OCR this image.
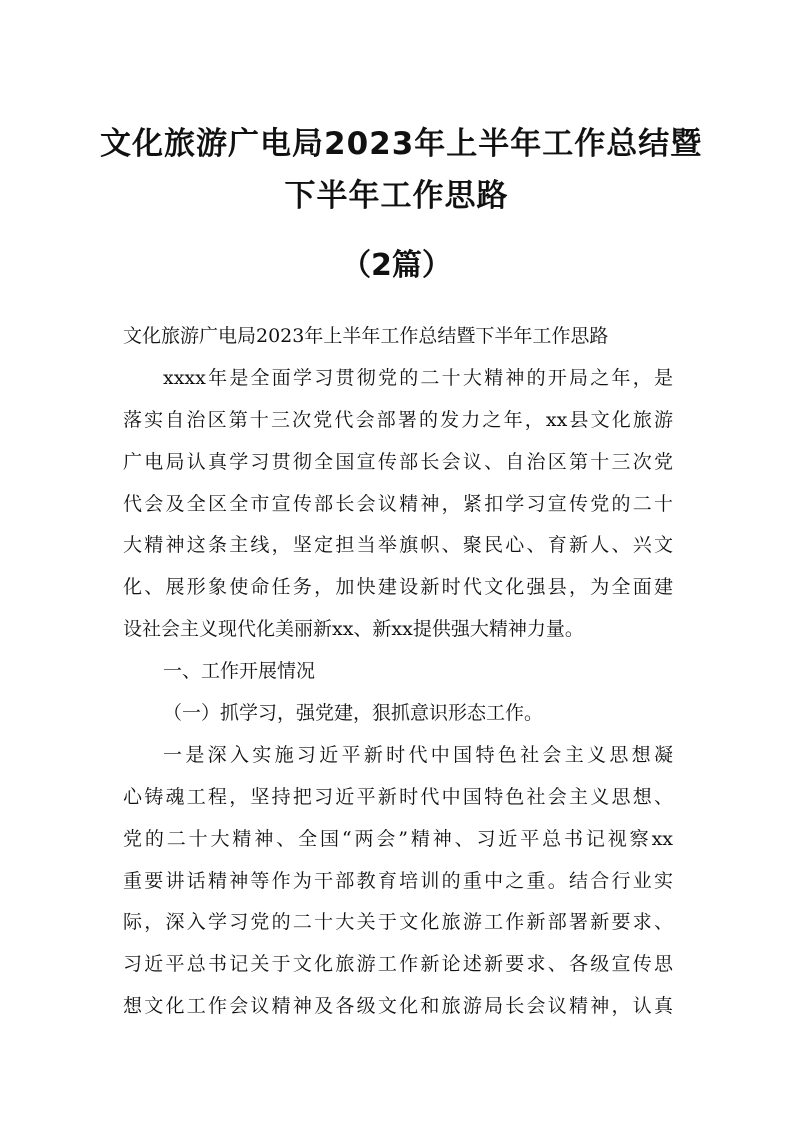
文化旅游广电局2023年上半年工作总结暨
下半年工作思路
（2篇）
文化旅游广电局2023年上半年工作总结暨下半年工作思路
xxxx年是全面学习贯彻党的二十大精神的开局之年，是
落实自治区第十三次党代会部署的发力之年，xx县文化旅游
广电局认真学习贯彻全国宣传部长会议、自治区第十三次党
代会及全区全市宣传部长会议精神，紧扣学习宣传党的二十
大精神这条主线，坚定担当举旗帜、聚民心、育新人、兴文
化、展形象使命任务，加快建设新时代文化强县，为全面建
设社会主义现代化美丽新xx、新xx提供强大精神力量。
一、工作开展情况
（一）抓学习，强党建，狠抓意识形态工作。
一是深入实施习近平新时代中国特色社会主义思想凝
心铸魂工程，坚持把习近平新时代中国特色社会主义思想、
党的二十大精神、全国“两会”精神、习近平总书记视察xx
重要讲话精神等作为干部教育培训的重中之重。结合行业实
际，深入学习党的二十大关于文化旅游工作新部署新要求、
习近平总书记关于文化旅游工作新论述新要求、各级宣传思
想文化工作会议精神及各级文化和旅游局长会议精神，认真
